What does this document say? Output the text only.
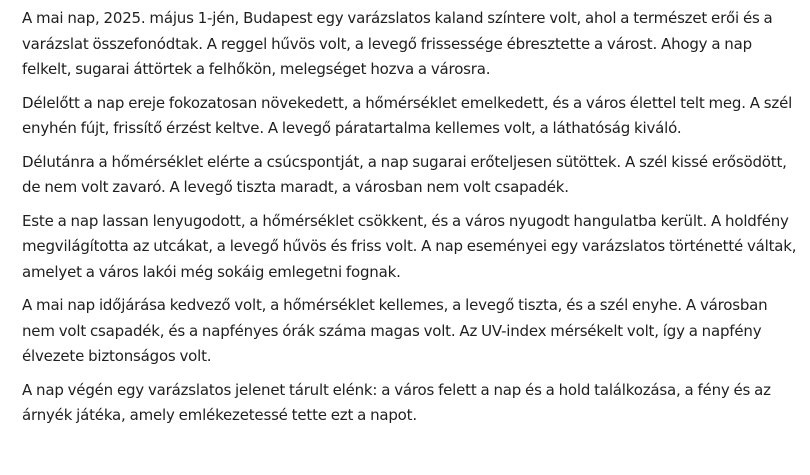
A mai nap, 2025. május 1-jén, Budapest egy varázslatos kaland színtere volt, ahol a természet erői és a varázslat összefonódtak. A reggel hűvös volt, a levegő frissessége ébresztette a várost. Ahogy a nap felkelt, sugarai áttörtek a felhőkön, melegséget hozva a városra.

Délelőtt a nap ereje fokozatosan növekedett, a hőmérséklet emelkedett, és a város élettel telt meg. A szél enyhén fújt, frissítő érzést keltve. A levegő páratartalma kellemes volt, a láthatóság kiváló.

Délutánra a hőmérséklet elérte a csúcspontját, a nap sugarai erőteljesen sütöttek. A szél kissé erősödött, de nem volt zavaró. A levegő tiszta maradt, a városban nem volt csapadék.

Este a nap lassan lenyugodott, a hőmérséklet csökkent, és a város nyugodt hangulatba került. A holdfény megvilágította az utcákat, a levegő hűvös és friss volt. A nap eseményei egy varázslatos történetté váltak, amelyet a város lakói még sokáig emlegetni fognak.

A mai nap időjárása kedvező volt, a hőmérséklet kellemes, a levegő tiszta, és a szél enyhe. A városban nem volt csapadék, és a napfényes órák száma magas volt. Az UV-index mérsékelt volt, így a napfény élvezete biztonságos volt.

A nap végén egy varázslatos jelenet tárult elénk: a város felett a nap és a hold találkozása, a fény és az árnyék játéka, amely emlékezetessé tette ezt a napot.
